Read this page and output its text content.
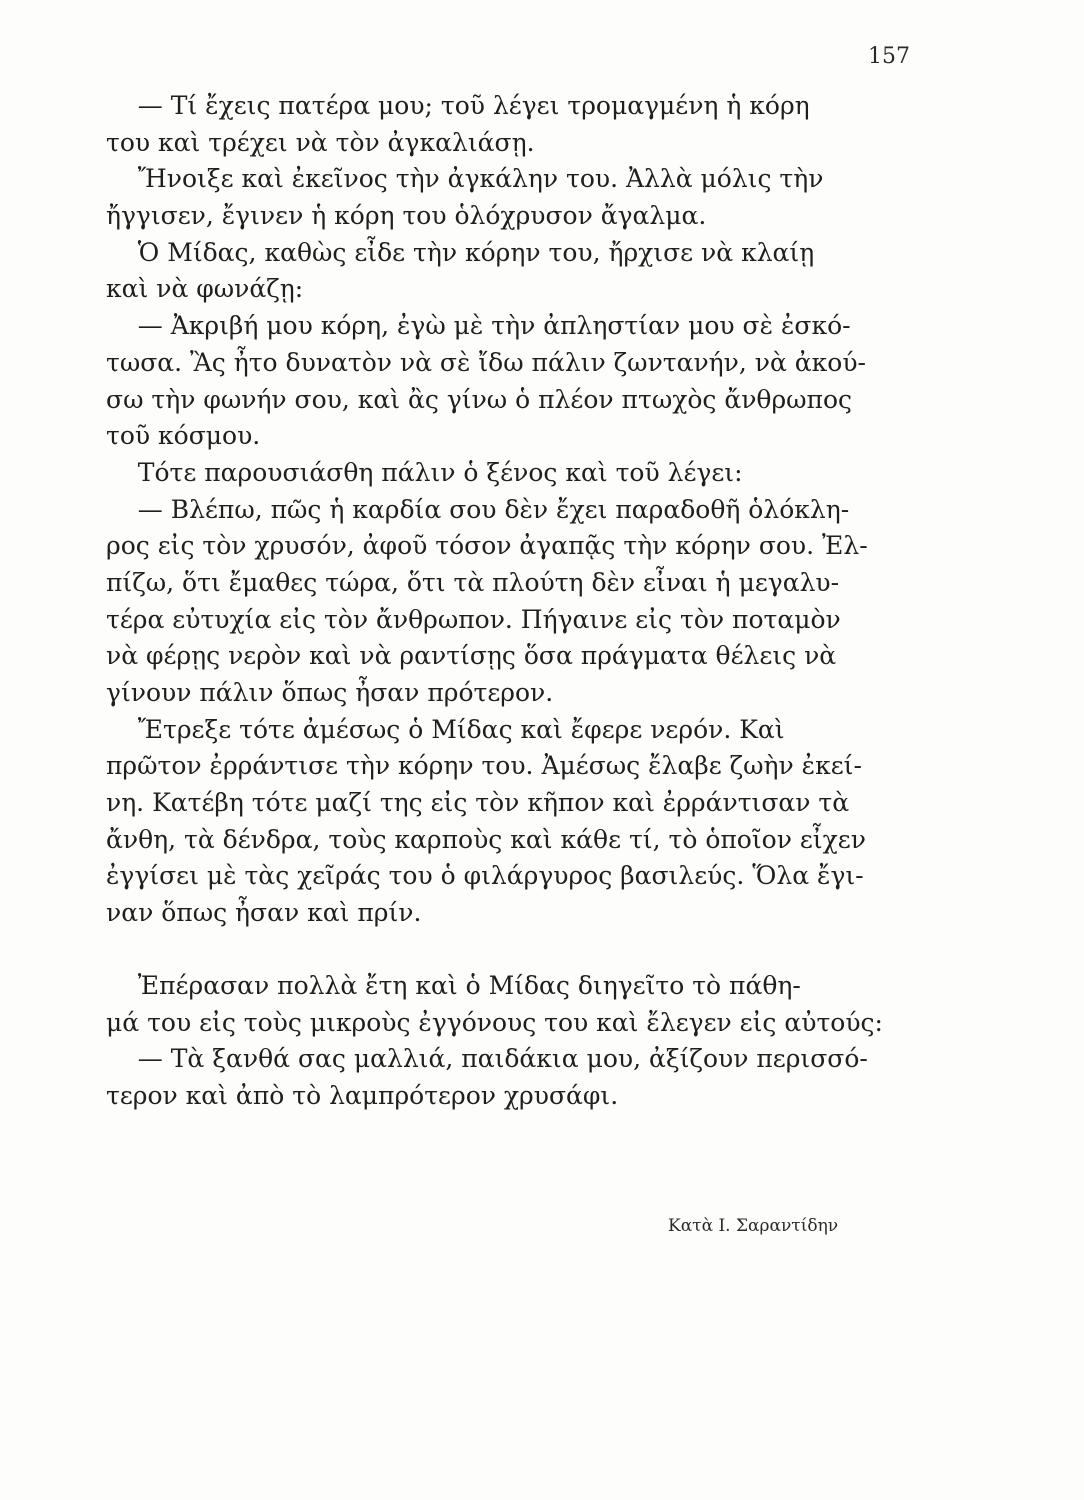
157
— Τί ἔχεις πατέρα μου; τοῦ λέγει τρομαγμένη ἡ κόρη
του καὶ τρέχει νὰ τὸν ἀγκαλιάσῃ.
Ἤνοιξε καὶ ἐκεῖνος τὴν ἀγκάλην του. Ἀλλὰ μόλις τὴν
ἤγγισεν, ἔγινεν ἡ κόρη του ὁλόχρυσον ἄγαλμα.
Ὁ Μίδας, καθὼς εἶδε τὴν κόρην του, ἤρχισε νὰ κλαίῃ
καὶ νὰ φωνάζῃ:
— Ἀκριβή μου κόρη, ἐγὼ μὲ τὴν ἀπληστίαν μου σὲ ἐσκό-
τωσα. Ἂς ἦτο δυνατὸν νὰ σὲ ἴδω πάλιν ζωντανήν, νὰ ἀκού-
σω τὴν φωνήν σου, καὶ ἂς γίνω ὁ πλέον πτωχὸς ἄνθρωπος
τοῦ κόσμου.
Τότε παρουσιάσθη πάλιν ὁ ξένος καὶ τοῦ λέγει:
— Βλέπω, πῶς ἡ καρδία σου δὲν ἔχει παραδοθῆ ὁλόκλη-
ρος εἰς τὸν χρυσόν, ἀφοῦ τόσον ἀγαπᾷς τὴν κόρην σου. Ἐλ-
πίζω, ὅτι ἔμαθες τώρα, ὅτι τὰ πλούτη δὲν εἶναι ἡ μεγαλυ-
τέρα εὐτυχία εἰς τὸν ἄνθρωπον. Πήγαινε εἰς τὸν ποταμὸν
νὰ φέρῃς νερὸν καὶ νὰ ραντίσῃς ὅσα πράγματα θέλεις νὰ
γίνουν πάλιν ὅπως ἦσαν πρότερον.
Ἔτρεξε τότε ἀμέσως ὁ Μίδας καὶ ἔφερε νερόν. Καὶ
πρῶτον ἐρράντισε τὴν κόρην του. Ἀμέσως ἔλαβε ζωὴν ἐκεί-
νη. Κατέβη τότε μαζί της εἰς τὸν κῆπον καὶ ἐρράντισαν τὰ
ἄνθη, τὰ δένδρα, τοὺς καρποὺς καὶ κάθε τί, τὸ ὁποῖον εἶχεν
ἐγγίσει μὲ τὰς χεῖράς του ὁ φιλάργυρος βασιλεύς. Ὅλα ἔγι-
ναν ὅπως ἦσαν καὶ πρίν.
Ἐπέρασαν πολλὰ ἔτη καὶ ὁ Μίδας διηγεῖτο τὸ πάθη-
μά του εἰς τοὺς μικροὺς ἐγγόνους του καὶ ἔλεγεν εἰς αὐτούς:
— Τὰ ξανθά σας μαλλιά, παιδάκια μου, ἀξίζουν περισσό-
τερον καὶ ἀπὸ τὸ λαμπρότερον χρυσάφι.
Κατὰ Ι. Σαραντίδην
